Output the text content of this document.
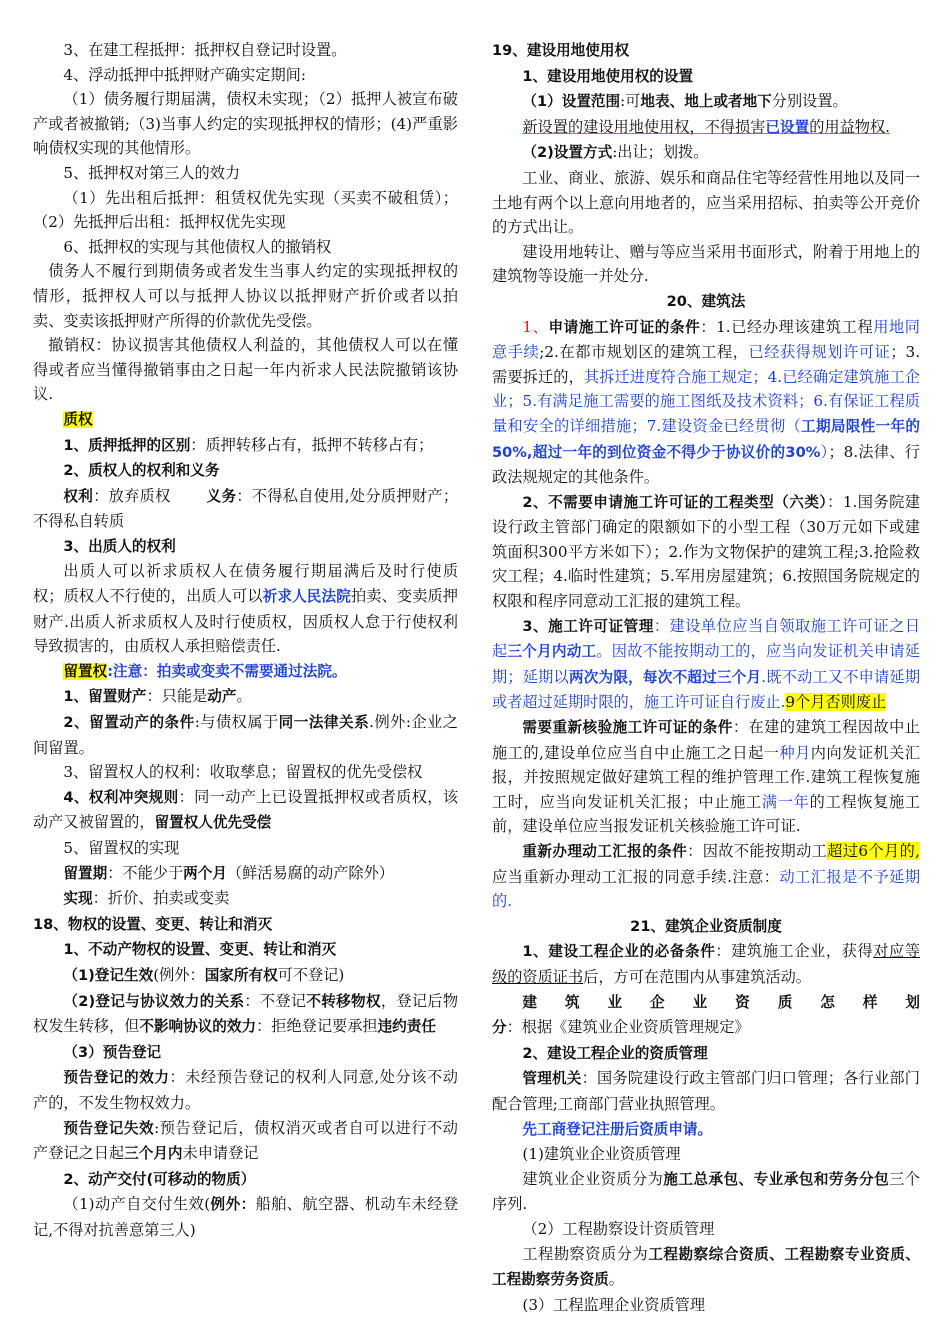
3、在建工程抵押：抵押权自登记时设置。

4、浮动抵押中抵押财产确实定期间:

（1）债务履行期届满，债权未实现；（2）抵押人被宣布破产或者被撤销;（3)当事人约定的实现抵押权的情形；(4)严重影响债权实现的其他情形。

5、抵押权对第三人的效力

（1）先出租后抵押：租赁权优先实现（买卖不破租赁）；（2）先抵押后出租：抵押权优先实现

6、抵押权的实现与其他债权人的撤销权

债务人不履行到期债务或者发生当事人约定的实现抵押权的情形，抵押权人可以与抵押人协议以抵押财产折价或者以拍卖、变卖该抵押财产所得的价款优先受偿。

撤销权：协议损害其他债权人利益的，其他债权人可以在懂得或者应当懂得撤销事由之日起一年内祈求人民法院撤销该协议.

质权

1、质押抵押的区别：质押转移占有，抵押不转移占有；

2、质权人的权利和义务

权利：放弃质权 义务：不得私自使用,处分质押财产；不得私自转质

3、出质人的权利

出质人可以祈求质权人在债务履行期届满后及时行使质权；质权人不行使的，出质人可以祈求人民法院拍卖、变卖质押财产.出质人祈求质权人及时行使质权，因质权人怠于行使权利导致损害的，由质权人承担赔偿责任.

留置权:注意：拍卖或变卖不需要通过法院。

1、留置财产：只能是动产。

2、留置动产的条件:与债权属于同一法律关系.例外:企业之间留置。

3、留置权人的权利：收取孳息；留置权的优先受偿权

4、权利冲突规则：同一动产上已设置抵押权或者质权，该动产又被留置的，留置权人优先受偿

5、留置权的实现

留置期：不能少于两个月（鲜活易腐的动产除外）

实现：折价、拍卖或变卖

18、物权的设置、变更、转让和消灭

1、不动产物权的设置、变更、转让和消灭

（1)登记生效(例外：国家所有权可不登记)

（2)登记与协议效力的关系：不登记不转移物权，登记后物权发生转移，但不影响协议的效力：拒绝登记要承担违约责任

（3）预告登记

预告登记的效力：未经预告登记的权利人同意,处分该不动产的，不发生物权效力。

预告登记失效:预告登记后，债权消灭或者自可以进行不动产登记之日起三个月内未申请登记

2、动产交付(可移动的物质）

（1)动产自交付生效(例外：船舶、航空器、机动车未经登记,不得对抗善意第三人)

19、建设用地使用权

1、建设用地使用权的设置

（1）设置范围:可地表、地上或者地下分别设置。

新设置的建设用地使用权，不得损害已设置的用益物权.

（2)设置方式:出让；划拨。

工业、商业、旅游、娱乐和商品住宅等经营性用地以及同一土地有两个以上意向用地者的，应当采用招标、拍卖等公开竞价的方式出让。

建设用地转让、赠与等应当采用书面形式，附着于用地上的建筑物等设施一并处分.

20、建筑法

1、申请施工许可证的条件：1.已经办理该建筑工程用地同意手续;2.在都市规划区的建筑工程，已经获得规划许可证；3.需要拆迁的，其拆迁进度符合施工规定；4.已经确定建筑施工企业；5.有满足施工需要的施工图纸及技术资料；6.有保证工程质量和安全的详细措施；7.建设资金已经贯彻（工期局限性一年的50%,超过一年的到位资金不得少于协议价的30%）；8.法律、行政法规规定的其他条件。

2、不需要申请施工许可证的工程类型（六类）：1.国务院建设行政主管部门确定的限额如下的小型工程（30万元如下或建筑面积300平方米如下）；2.作为文物保护的建筑工程;3.抢险救灾工程；4.临时性建筑；5.军用房屋建筑；6.按照国务院规定的权限和程序同意动工汇报的建筑工程。

3、施工许可证管理：建设单位应当自领取施工许可证之日起三个月内动工。因故不能按期动工的，应当向发证机关申请延期；延期以两次为限，每次不超过三个月.既不动工又不申请延期或者超过延期时限的，施工许可证自行废止.9个月否则废止

需要重新核验施工许可证的条件：在建的建筑工程因故中止施工的,建设单位应当自中止施工之日起一种月内向发证机关汇报，并按照规定做好建筑工程的维护管理工作.建筑工程恢复施工时，应当向发证机关汇报；中止施工满一年的工程恢复施工前，建设单位应当报发证机关核验施工许可证.

重新办理动工汇报的条件：因故不能按期动工超过6个月的,应当重新办理动工汇报的同意手续.注意：动工汇报是不予延期的.

21、建筑企业资质制度

1、建设工程企业的必备条件：建筑施工企业，获得对应等级的资质证书后，方可在范围内从事建筑活动。

建筑业企业资质怎样划分：根据《建筑业企业资质管理规定》

2、建设工程企业的资质管理

管理机关：国务院建设行政主管部门归口管理；各行业部门配合管理;工商部门营业执照管理。

先工商登记注册后资质申请。

(1)建筑业企业资质管理

建筑业企业资质分为施工总承包、专业承包和劳务分包三个序列.

（2）工程勘察设计资质管理

工程勘察资质分为工程勘察综合资质、工程勘察专业资质、工程勘察劳务资质。

(3）工程监理企业资质管理
